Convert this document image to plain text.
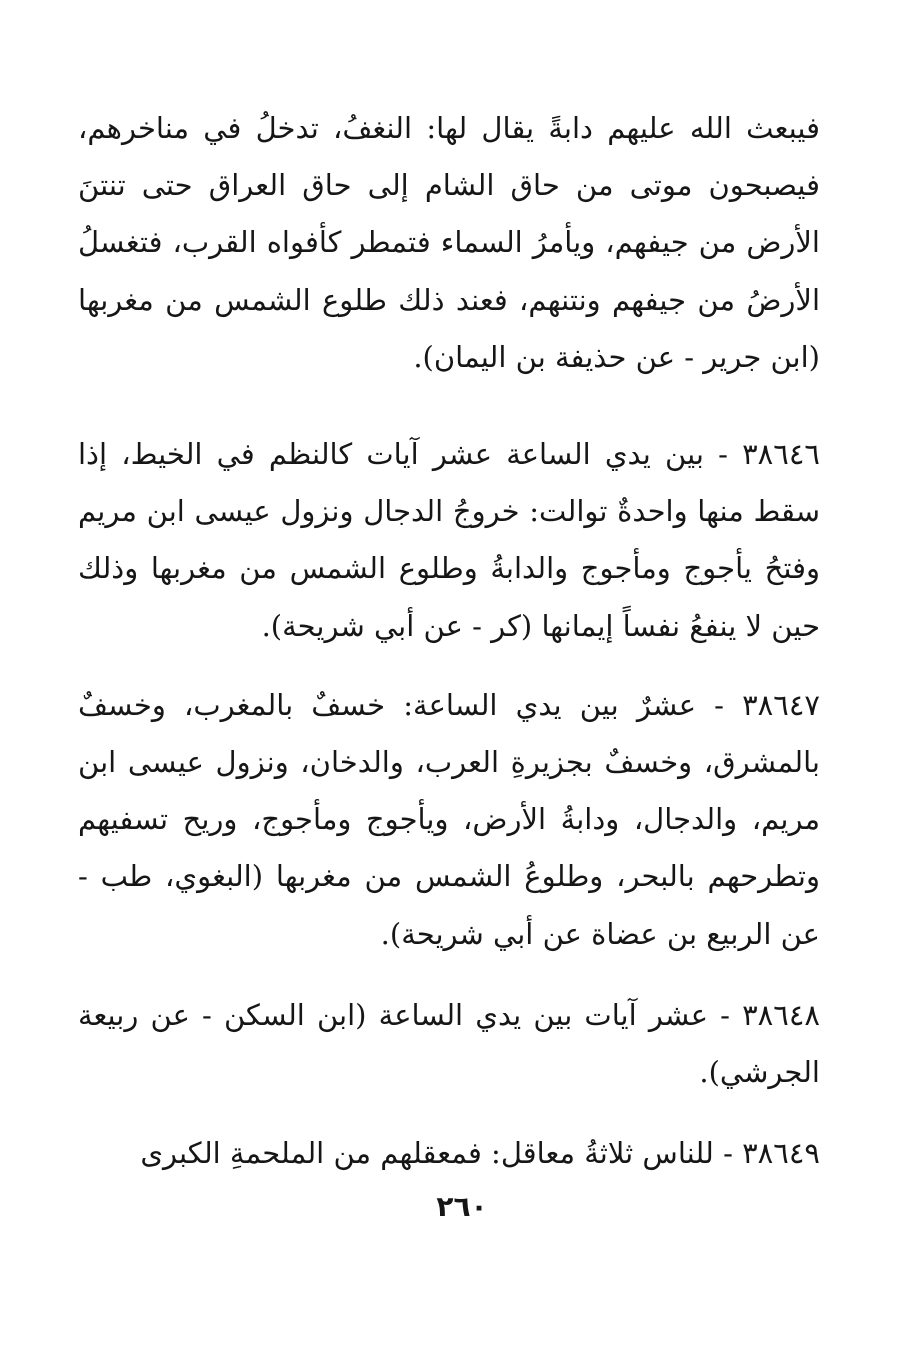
فيبعث الله عليهم دابةً يقال لها: النغفُ، تدخلُ في مناخرهم، فيصبحون موتى من حاق الشام إلى حاق العراق حتى تنتنَ الأرض من جيفهم، ويأمرُ السماء فتمطر كأفواه القرب، فتغسلُ الأرضُ من جيفهم ونتنهم، فعند ذلك طلوع الشمس من مغربها (ابن جرير - عن حذيفة بن اليمان).

٣٨٦٤٦ - بين يدي الساعة عشر آيات كالنظم في الخيط، إذا سقط منها واحدةٌ توالت: خروجُ الدجال ونزول عيسى ابن مريم وفتحُ يأجوج ومأجوج والدابةُ وطلوع الشمس من مغربها وذلك حين لا ينفعُ نفساً إيمانها (كر - عن أبي شريحة).

٣٨٦٤٧ - عشرٌ بين يدي الساعة: خسفٌ بالمغرب، وخسفٌ بالمشرق، وخسفٌ بجزيرةِ العرب، والدخان، ونزول عيسى ابن مريم، والدجال، ودابةُ الأرض، ويأجوج ومأجوج، وريح تسفيهم وتطرحهم بالبحر، وطلوعُ الشمس من مغربها (البغوي، طب - عن الربيع بن عضاة عن أبي شريحة).

٣٨٦٤٨ - عشر آيات بين يدي الساعة (ابن السكن - عن ربيعة الجرشي).

٣٨٦٤٩ - للناس ثلاثةُ معاقل: فمعقلهم من الملحمةِ الكبرى

٢٦٠
